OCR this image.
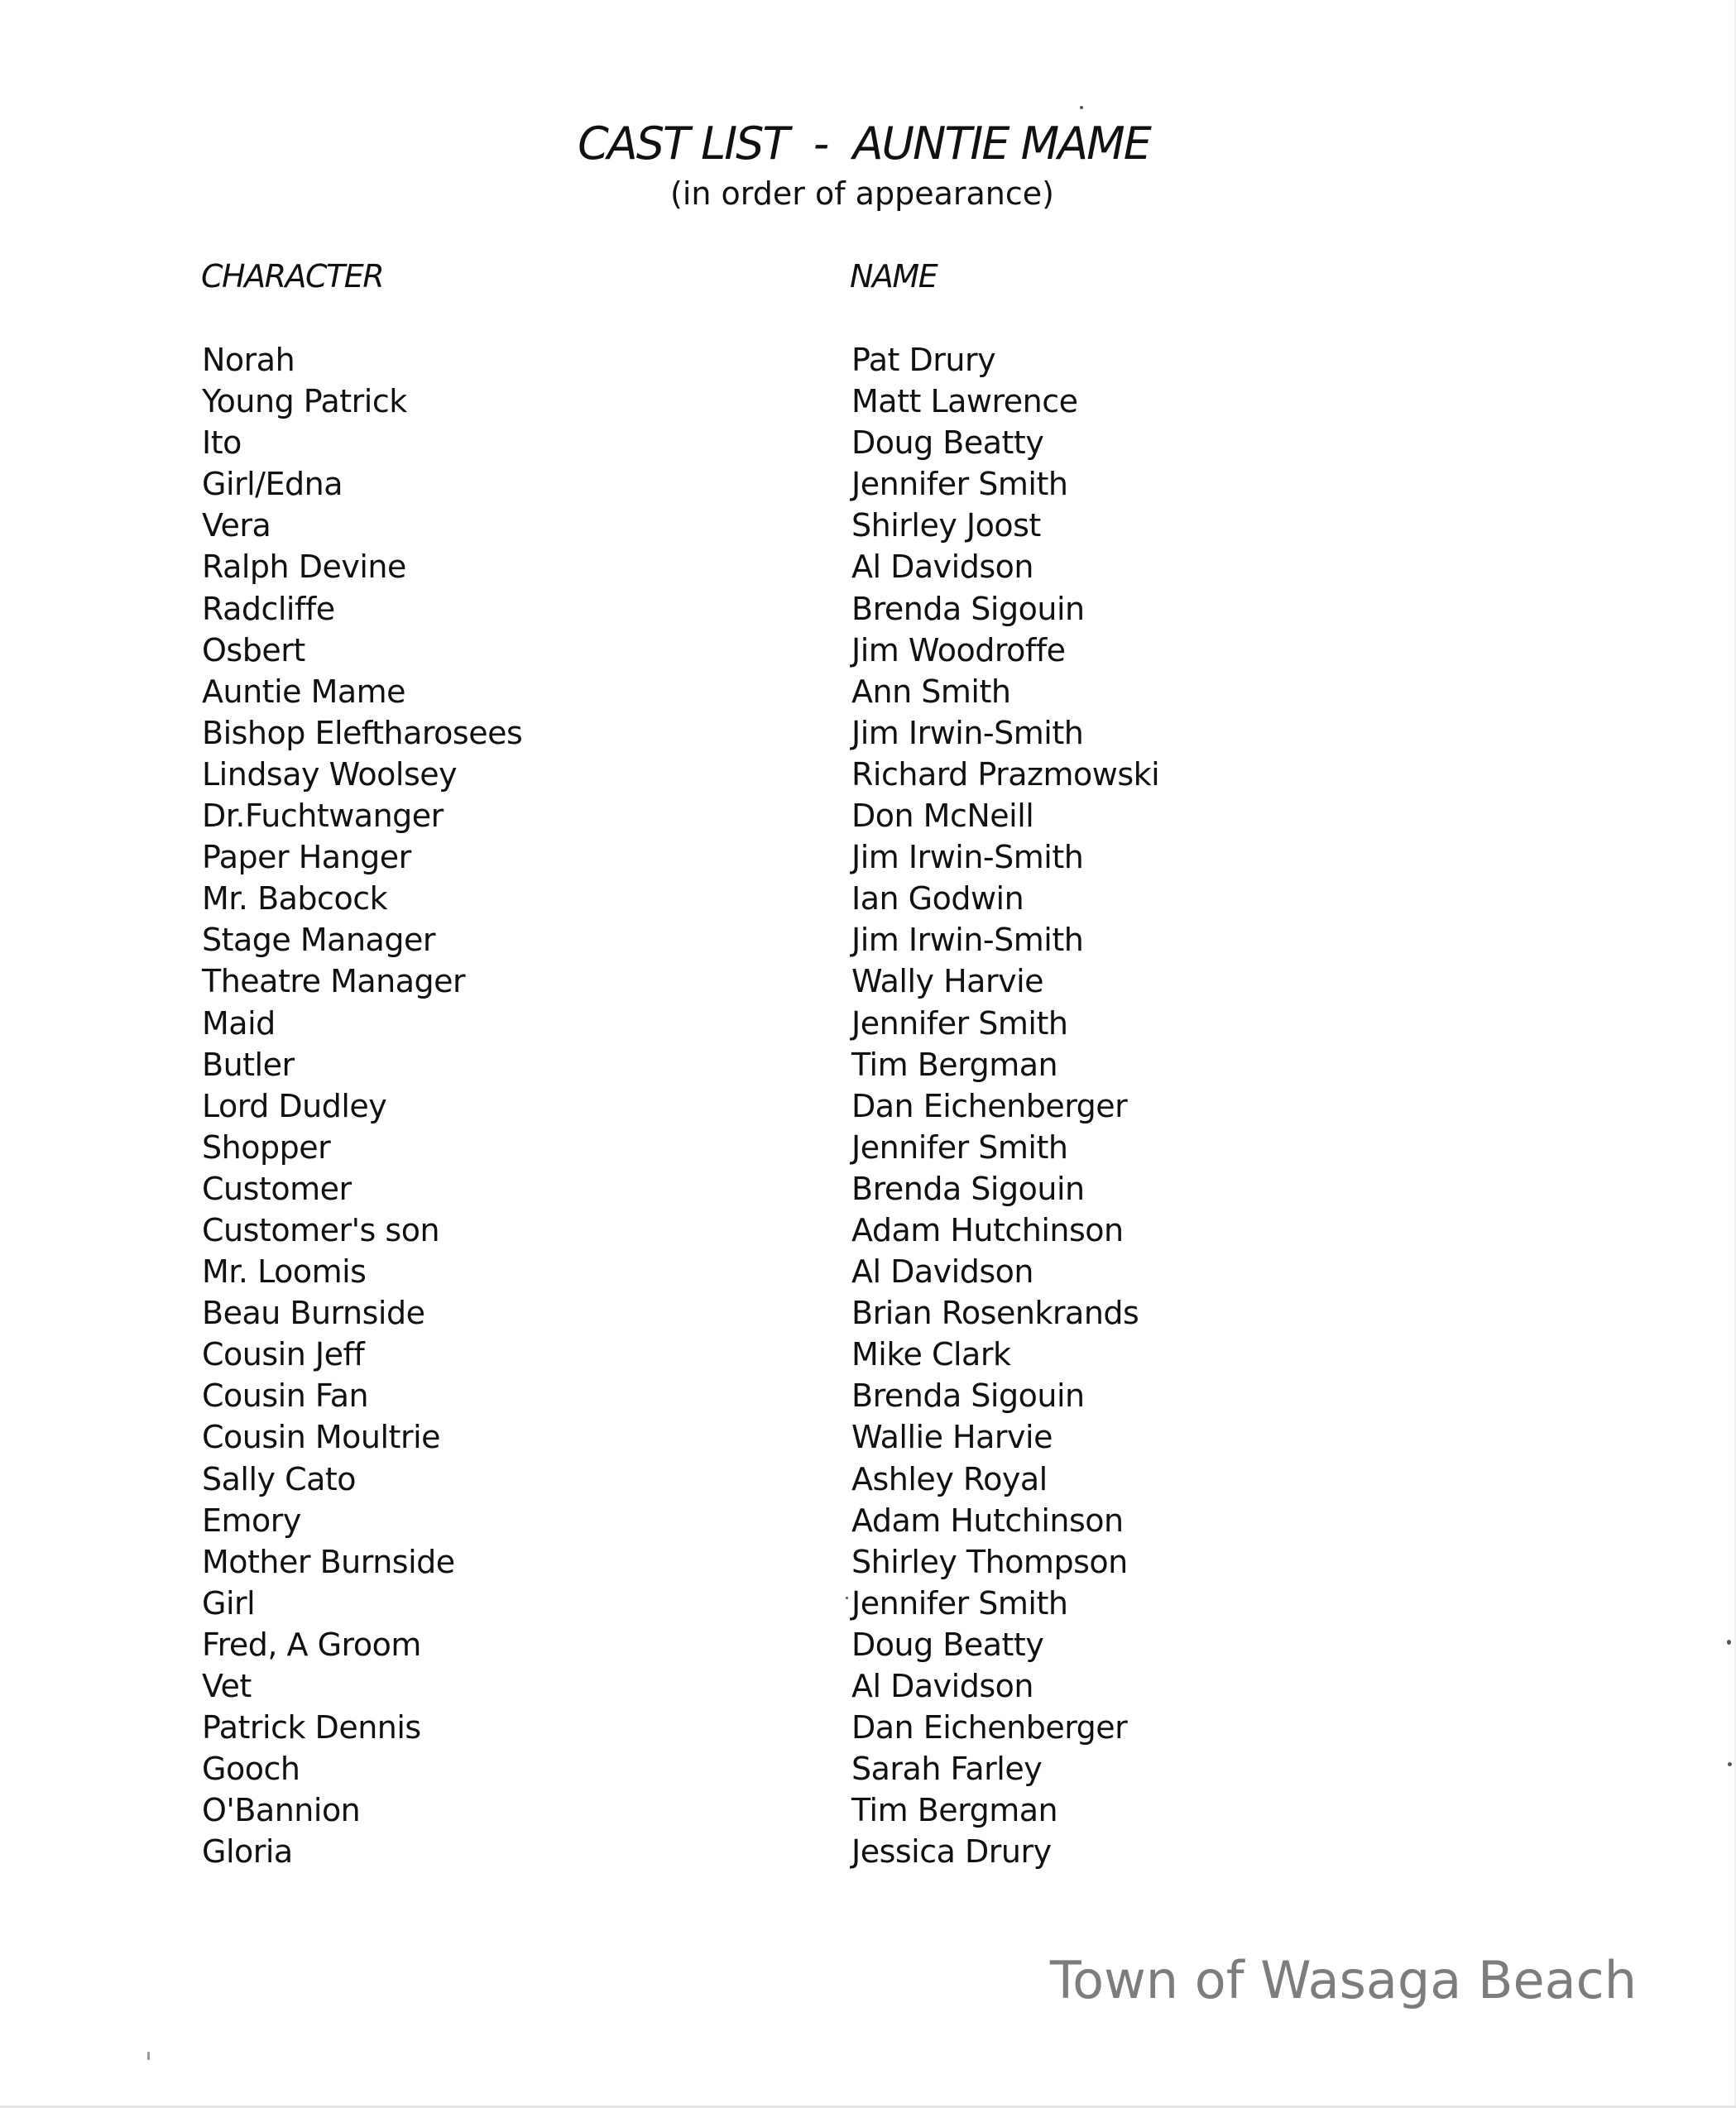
CAST LIST  -  AUNTIE MAME
(in order of appearance)
CHARACTER	NAME
Norah
Young Patrick
Ito
Girl/Edna
Vera
Ralph Devine
Radcliffe
Osbert
Auntie Mame
Bishop Eleftharosees
Lindsay Woolsey
Dr.Fuchtwanger
Paper Hanger
Mr. Babcock
Stage Manager
Theatre Manager
Maid
Butler
Lord Dudley
Shopper
Customer
Customer's son
Mr. Loomis
Beau Burnside
Cousin Jeff
Cousin Fan
Cousin Moultrie
Sally Cato
Emory
Mother Burnside
Girl
Fred, A Groom
Vet
Patrick Dennis
Gooch
O'Bannion
Gloria
Pat Drury
Matt Lawrence
Doug Beatty
Jennifer Smith
Shirley Joost
Al Davidson
Brenda Sigouin
Jim Woodroffe
Ann Smith
Jim Irwin-Smith
Richard Prazmowski
Don McNeill
Jim Irwin-Smith
Ian Godwin
Jim Irwin-Smith
Wally Harvie
Jennifer Smith
Tim Bergman
Dan Eichenberger
Jennifer Smith
Brenda Sigouin
Adam Hutchinson
Al Davidson
Brian Rosenkrands
Mike Clark
Brenda Sigouin
Wallie Harvie
Ashley Royal
Adam Hutchinson
Shirley Thompson
Jennifer Smith
Doug Beatty
Al Davidson
Dan Eichenberger
Sarah Farley
Tim Bergman
Jessica Drury
Town of Wasaga Beach
